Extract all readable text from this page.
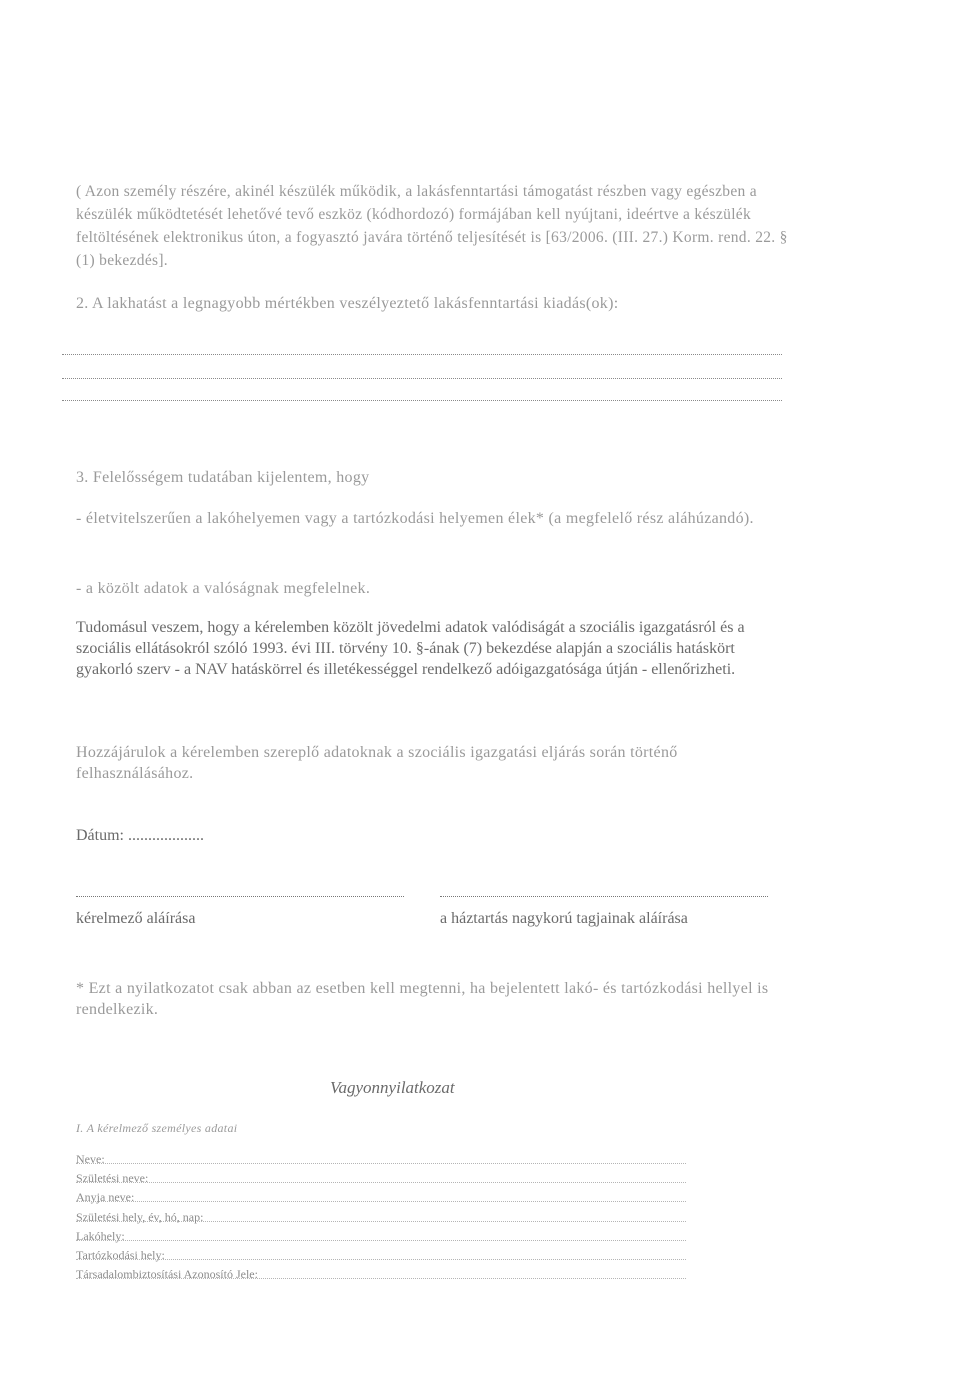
( Azon személy részére, akinél készülék működik, a lakásfenntartási támogatást részben vagy egészben a készülék működtetését lehetővé tevő eszköz (kódhordozó) formájában kell nyújtani, ideértve a készülék feltöltésének elektronikus úton, a fogyasztó javára történő teljesítését is [63/2006. (III. 27.) Korm. rend. 22. § (1) bekezdés].
2. A lakhatást a legnagyobb mértékben veszélyeztető lakásfenntartási kiadás(ok):
3. Felelősségem tudatában kijelentem, hogy
- életvitelszerűen a lakóhelyemen vagy a tartózkodási helyemen élek* (a megfelelő rész aláhúzandó).
- a közölt adatok a valóságnak megfelelnek.
Tudomásul veszem, hogy a kérelemben közölt jövedelmi adatok valódiságát a szociális igazgatásról és a szociális ellátásokról szóló 1993. évi III. törvény 10. §-ának (7) bekezdése alapján a szociális hatáskört gyakorló szerv - a NAV hatáskörrel és illetékességgel rendelkező adóigazgatósága útján - ellenőrizheti.
Hozzájárulok a kérelemben szereplő adatoknak a szociális igazgatási eljárás során történő felhasználásához.
Dátum: ...................
kérelmező aláírása	a háztartás nagykorú tagjainak aláírása
* Ezt a nyilatkozatot csak abban az esetben kell megtenni, ha bejelentett lakó- és tartózkodási hellyel is rendelkezik.
Vagyonnyilatkozat
I. A kérelmező személyes adatai
Neve:
Születési neve:
Anyja neve:
Születési hely, év, hó, nap:
Lakóhely:
Tartózkodási hely:
Társadalombiztosítási Azonosító Jele:
